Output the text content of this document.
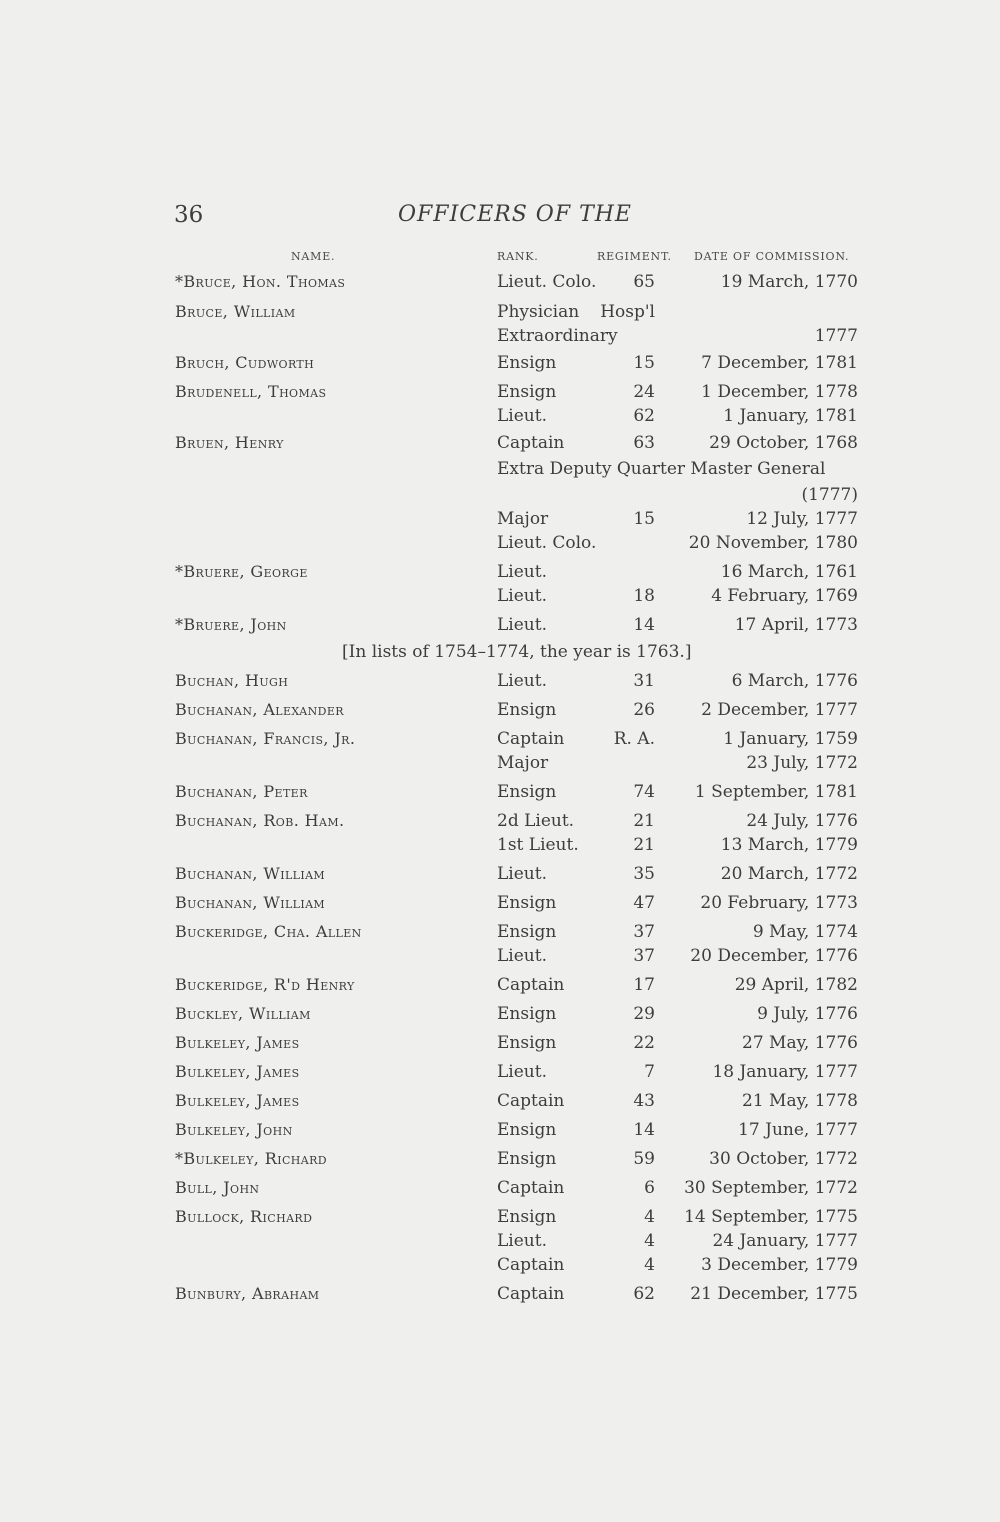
36	OFFICERS OF THE
NAME.	RANK.	REGIMENT. DATE OF COMMISSION.
*Bruce, Hon. Thomas	Lieut. Colo.	65	19 March, 1770
Bruce, William	Physician	Hosp'l
Extraordinary	1777
Bruch, Cudworth	Ensign	15	7 December, 1781
Brudenell, Thomas	Ensign	24	1 December, 1778
Lieut.	62	1 January, 1781
Bruen, Henry	Captain	63	29 October, 1768
Extra Deputy Quarter Master General
(1777)
Major	15	12 July, 1777
Lieut. Colo.	20 November, 1780
*Bruere, George	Lieut.	16 March, 1761
Lieut.	18	4 February, 1769
*Bruere, John	Lieut.	14	17 April, 1773
[In lists of 1754–1774, the year is 1763.]
Buchan, Hugh	Lieut.	31	6 March, 1776
Buchanan, Alexander	Ensign	26	2 December, 1777
Buchanan, Francis, Jr.	Captain	R. A.	1 January, 1759
Major	23 July, 1772
Buchanan, Peter	Ensign	74	1 September, 1781
Buchanan, Rob. Ham.	2d Lieut.	21	24 July, 1776
1st Lieut.	21	13 March, 1779
Buchanan, William	Lieut.	35	20 March, 1772
Buchanan, William	Ensign	47	20 February, 1773
Buckeridge, Cha. Allen	Ensign	37	9 May, 1774
Lieut.	37	20 December, 1776
Buckeridge, R'd Henry	Captain	17	29 April, 1782
Buckley, William	Ensign	29	9 July, 1776
Bulkeley, James	Ensign	22	27 May, 1776
Bulkeley, James	Lieut.	7	18 January, 1777
Bulkeley, James	Captain	43	21 May, 1778
Bulkeley, John	Ensign	14	17 June, 1777
*Bulkeley, Richard	Ensign	59	30 October, 1772
Bull, John	Captain	6	30 September, 1772
Bullock, Richard	Ensign	4	14 September, 1775
Lieut.	4	24 January, 1777
Captain	4	3 December, 1779
Bunbury, Abraham	Captain	62	21 December, 1775
